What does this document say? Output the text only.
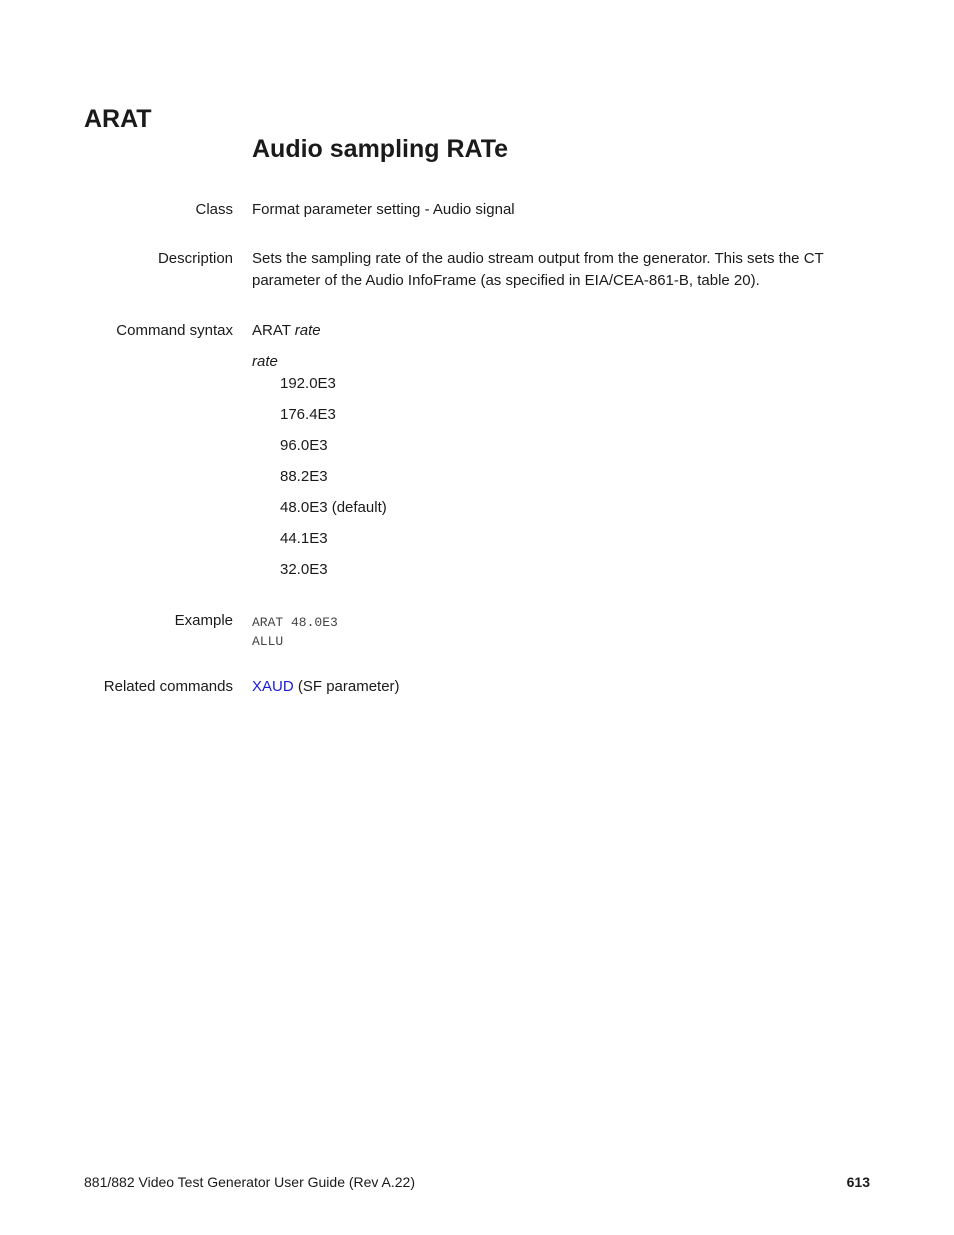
ARAT
Audio sampling RATe
Class Format parameter setting - Audio signal
Description Sets the sampling rate of the audio stream output from the generator. This sets the CT parameter of the Audio InfoFrame (as specified in EIA/CEA-861-B, table 20).

Command syntax ARAT rate
rate
192.0E3
176.4E3
96.0E3
88.2E3
48.0E3 (default)
44.1E3
32.0E3
Example ARAT 48.0E3
ALLU
Related commands XAUD (SF parameter)
881/882 Video Test Generator User Guide (Rev A.22)	613
